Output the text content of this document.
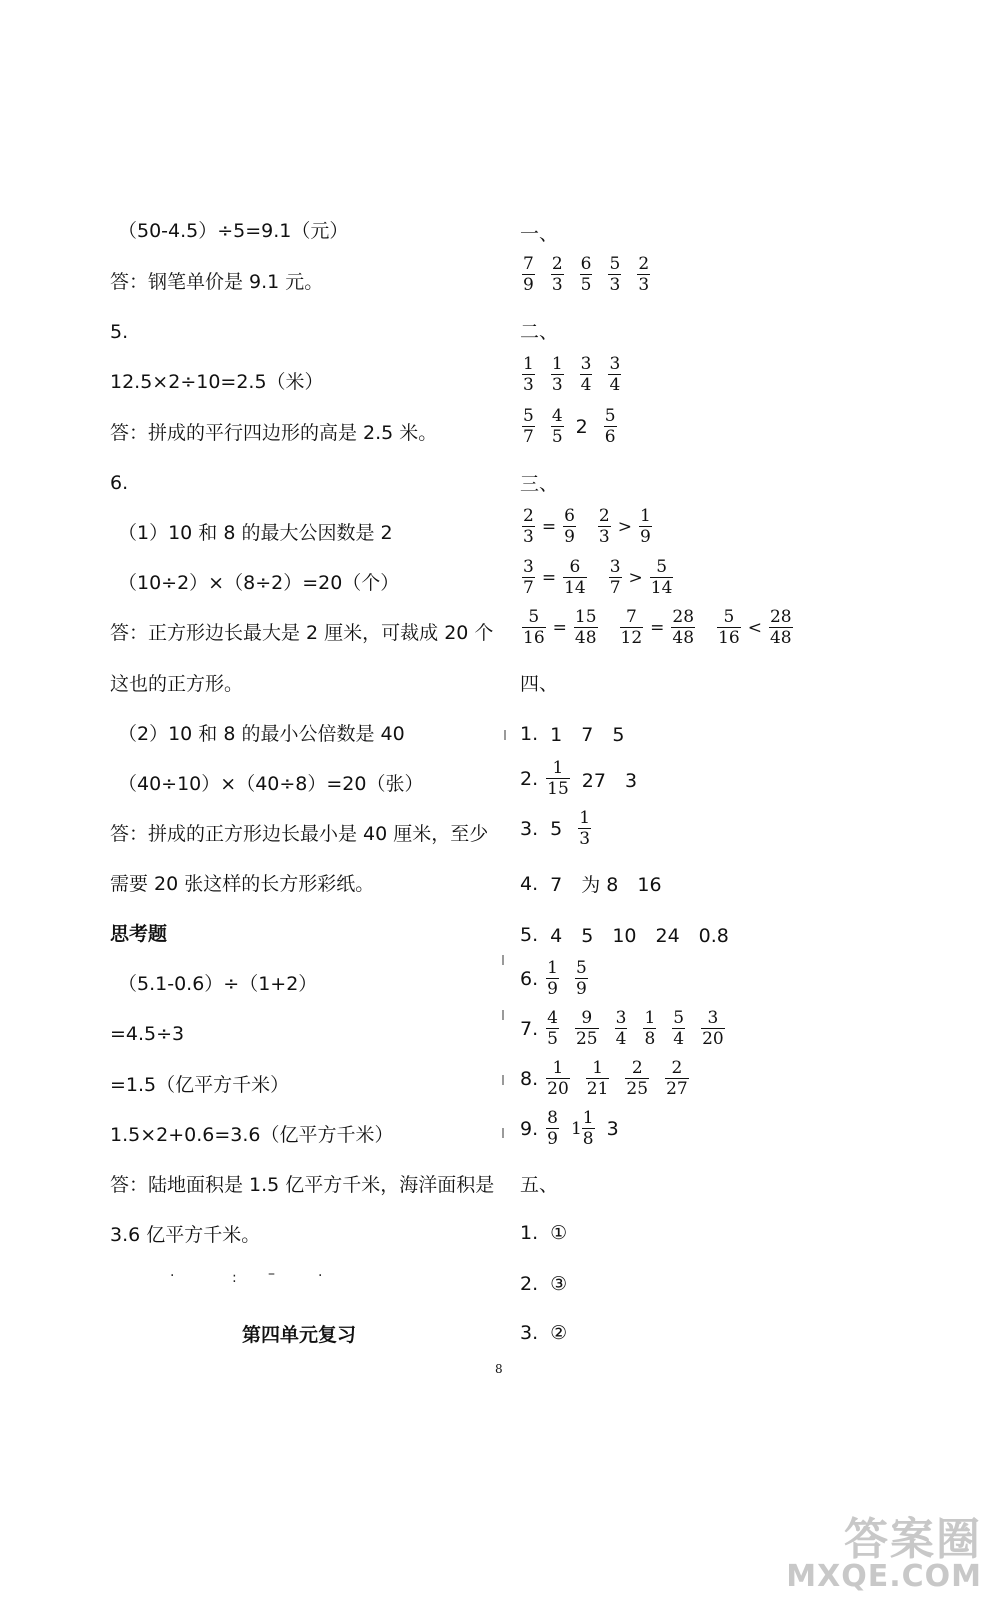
（50-4.5）÷5=9.1（元）
答：钢笔单价是 9.1 元。
5.
12.5×2÷10=2.5（米）
答：拼成的平行四边形的高是 2.5 米。
6.
（1）10 和 8 的最大公因数是 2
（10÷2）×（8÷2）=20（个）
答：正方形边长最大是 2 厘米，可裁成 20 个
这也的正方形。
（2）10 和 8 的最小公倍数是 40
（40÷10）×（40÷8）=20（张）
答：拼成的正方形边长最小是 40 厘米，至少
需要 20 张这样的长方形彩纸。
思考题
（5.1-0.6）÷（1+2）
=4.5÷3
=1.5（亿平方千米）
1.5×2+0.6=3.6（亿平方千米）
答：陆地面积是 1.5 亿平方千米，海洋面积是
3.6 亿平方千米。
·	: –	·
第四单元复习
一、
$\frac{7}{9} \frac{2}{3} \frac{6}{5} \frac{5}{3} \frac{2}{3}$
二、
$\frac{1}{3} \frac{1}{3} \frac{3}{4} \frac{3}{4}$
$\frac{5}{7} \frac{4}{5} 2 \frac{5}{6}$
三、
$\frac{2}{3} = \frac{6}{9} \frac{2}{3} > \frac{1}{9}$
$\frac{3}{7} = \frac{6}{14} \frac{3}{7} > \frac{5}{14}$
$\frac{5}{16} = \frac{15}{48} \frac{7}{12} = \frac{28}{48} \frac{5}{16} < \frac{28}{48}$
四、
1. 1　7　5
2. $\frac{1}{15} 27$　3
3. $5 \frac{1}{3}$
4. 7　为 8　16
5. 4　5　10　24　0.8
6. $\frac{1}{9} \frac{5}{9}$
7. $\frac{4}{5} \frac{9}{25} \frac{3}{4} \frac{1}{8} \frac{5}{4} \frac{3}{20}$
8. $\frac{1}{20} \frac{1}{21} \frac{2}{25} \frac{2}{27}$
9. $\frac{8}{9} 1 \frac{1}{8} 3$
五、
1. ①
2. ③
3. ②
8
答案圈
MXQE.COM
